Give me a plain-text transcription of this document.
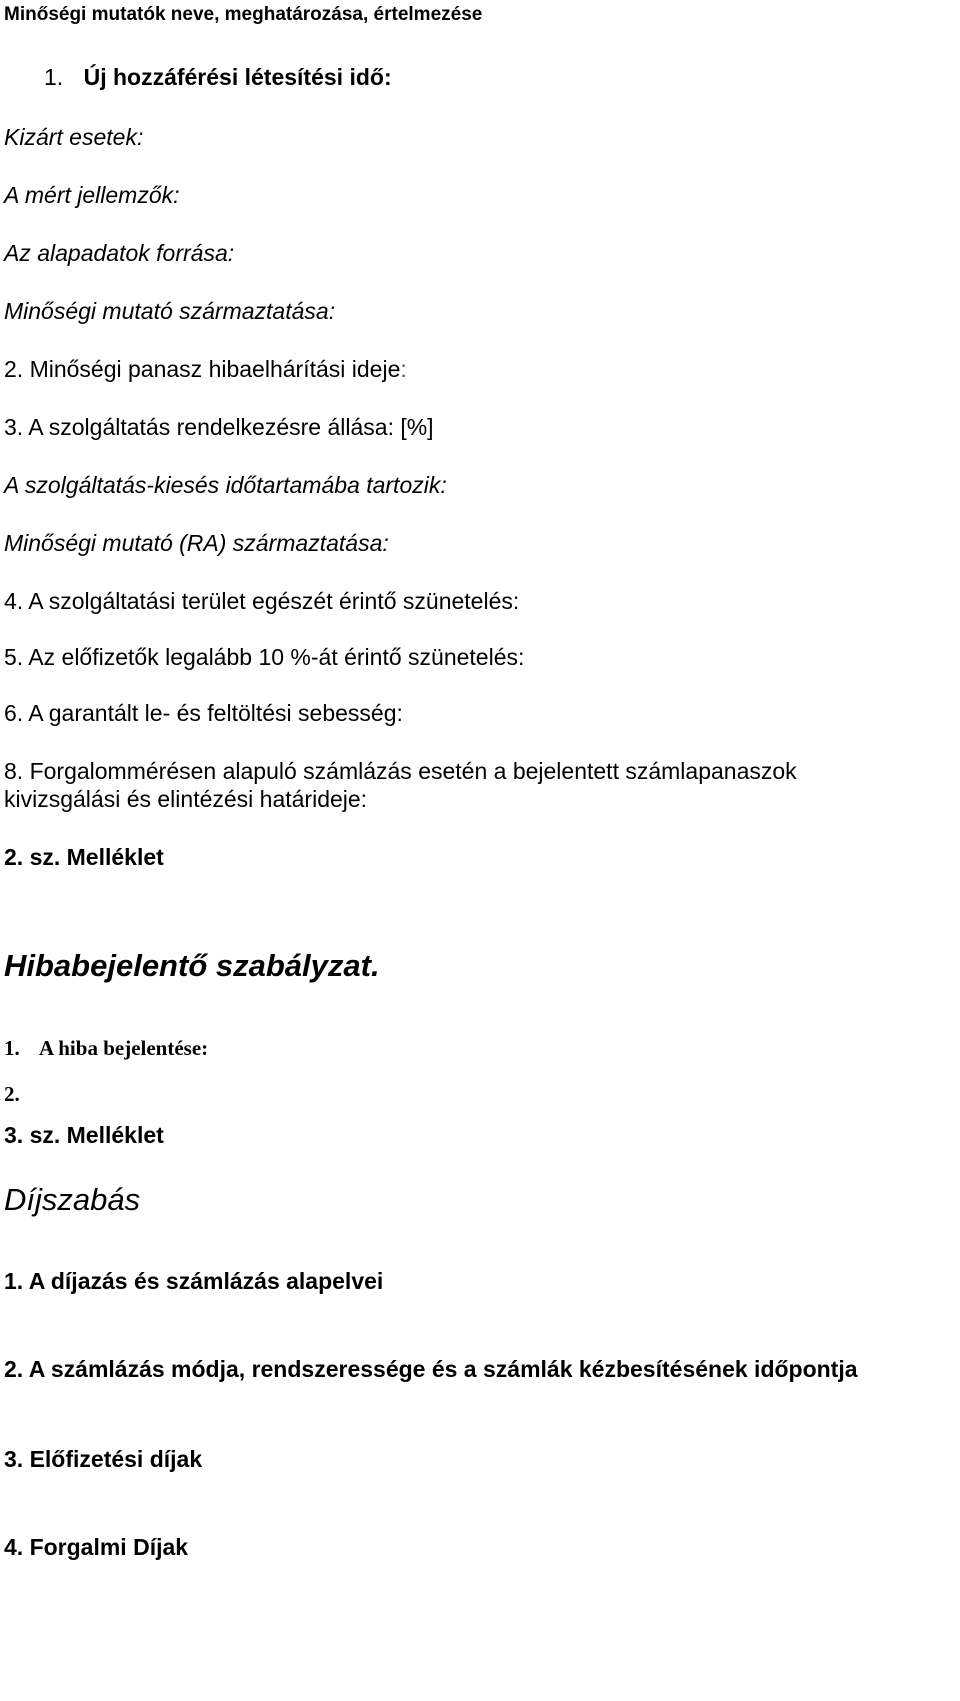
Minőségi mutatók neve, meghatározása, értelmezése
1. Új hozzáférési létesítési idő:
Kizárt esetek:
A mért jellemzők:
Az alapadatok forrása:
Minőségi mutató származtatása:
2. Minőségi panasz hibaelhárítási ideje:
3. A szolgáltatás rendelkezésre állása: [%]
A szolgáltatás-kiesés időtartamába tartozik:
Minőségi mutató (RA) származtatása:
4. A szolgáltatási terület egészét érintő szünetelés:
5. Az előfizetők legalább 10 %-át érintő szünetelés:
6. A garantált le- és feltöltési sebesség:
8. Forgalommérésen alapuló számlázás esetén a bejelentett számlapanaszok
kivizsgálási és elintézési határideje:
2. sz. Melléklet
Hibabejelentő szabályzat.
1. A hiba bejelentése:
2.
3. sz. Melléklet
Díjszabás
1. A díjazás és számlázás alapelvei
2. A számlázás módja, rendszeressége és a számlák kézbesítésének időpontja
3. Előfizetési díjak
4. Forgalmi Díjak
